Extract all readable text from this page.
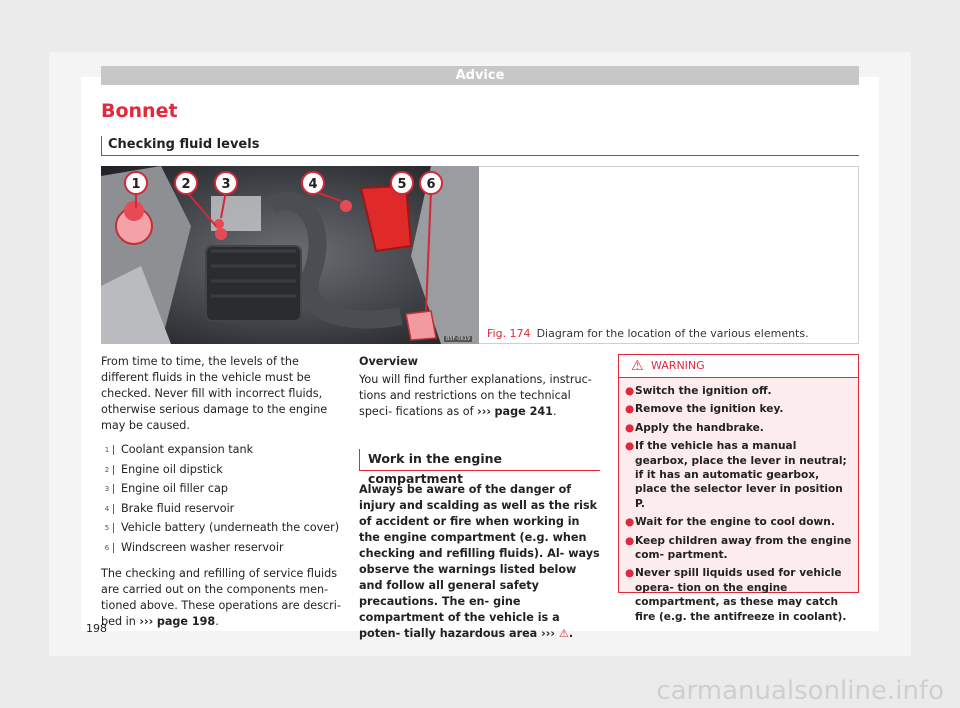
Advice
Bonnet
Checking fluid levels
1	2 3	4	5 6
B5F-0619 Fig. 174 Diagram for the location of the various elements.

From time to time, the levels of the different fluids in the vehicle must be checked. Never fill with incorrect fluids, otherwise serious damage to the engine may be caused.

1	Coolant expansion tank
2	Engine oil dipstick
3	Engine oil filler cap
4	Brake fluid reservoir
5	Vehicle battery (underneath the cover)
6	Windscreen washer reservoir

The checking and refilling of service fluids are carried out on the components men- tioned above. These operations are descri- bed in ››› page 198.

Overview

You will find further explanations, instruc- tions and restrictions on the technical speci- fications as of ››› page 241.

Work in the engine compartment
Always be aware of the danger of injury and scalding as well as the risk of accident or fire when working in the engine compartment (e.g. when checking and refilling fluids). Al- ways observe the warnings listed below and follow all general safety precautions. The en- gine compartment of the vehicle is a poten- tially hazardous area ››› ⚠.
⚠ WARNING
● Switch the ignition off.
● Remove the ignition key.
● Apply the handbrake.
● If the vehicle has a manual gearbox, place the lever in neutral; if it has an automatic gearbox, place the selector lever in position P.
● Wait for the engine to cool down.
● Keep children away from the engine com- partment.
● Never spill liquids used for vehicle opera- tion on the engine compartment, as these may catch fire (e.g. the antifreeze in coolant).
198
carmanualsonline.info
